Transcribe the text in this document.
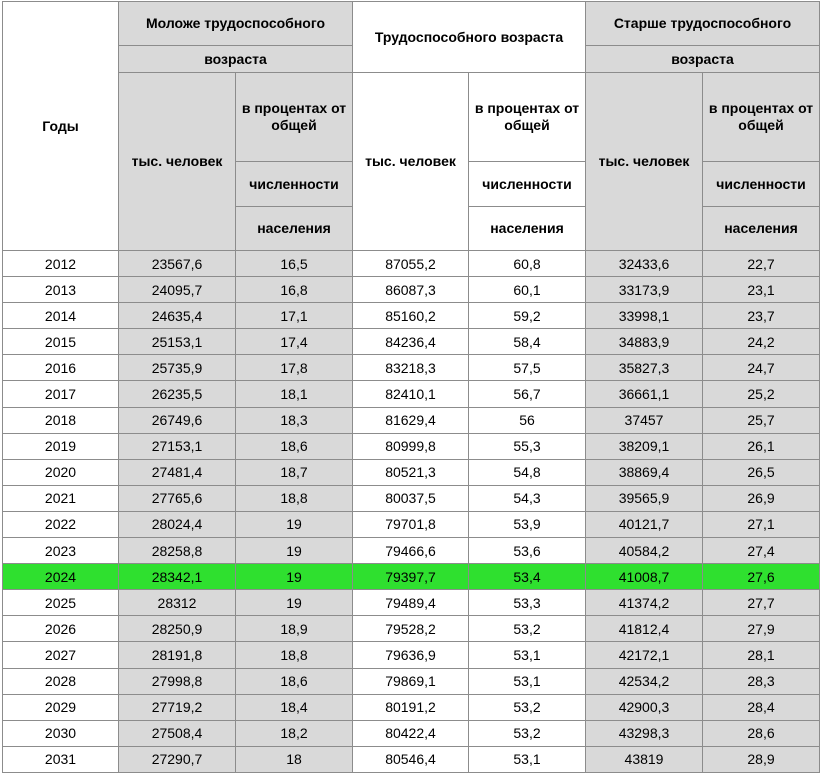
Годы	Моложе трудоспособного		Трудоспособного возраста		Старше трудоспособного	
	возраста				возраста	
	тыс. человек	в процентах от общей	тыс. человек	в процентах от общей	тыс. человек	в процентах от общей
		численности		численности		численности
		населения		населения		населения
2012	23567,6	16,5	87055,2	60,8	32433,6	22,7
2013	24095,7	16,8	86087,3	60,1	33173,9	23,1
2014	24635,4	17,1	85160,2	59,2	33998,1	23,7
2015	25153,1	17,4	84236,4	58,4	34883,9	24,2
2016	25735,9	17,8	83218,3	57,5	35827,3	24,7
2017	26235,5	18,1	82410,1	56,7	36661,1	25,2
2018	26749,6	18,3	81629,4	56	37457	25,7
2019	27153,1	18,6	80999,8	55,3	38209,1	26,1
2020	27481,4	18,7	80521,3	54,8	38869,4	26,5
2021	27765,6	18,8	80037,5	54,3	39565,9	26,9
2022	28024,4	19	79701,8	53,9	40121,7	27,1
2023	28258,8	19	79466,6	53,6	40584,2	27,4
2024	28342,1	19	79397,7	53,4	41008,7	27,6
2025	28312	19	79489,4	53,3	41374,2	27,7
2026	28250,9	18,9	79528,2	53,2	41812,4	27,9
2027	28191,8	18,8	79636,9	53,1	42172,1	28,1
2028	27998,8	18,6	79869,1	53,1	42534,2	28,3
2029	27719,2	18,4	80191,2	53,2	42900,3	28,4
2030	27508,4	18,2	80422,4	53,2	43298,3	28,6
2031	27290,7	18	80546,4	53,1	43819	28,9
